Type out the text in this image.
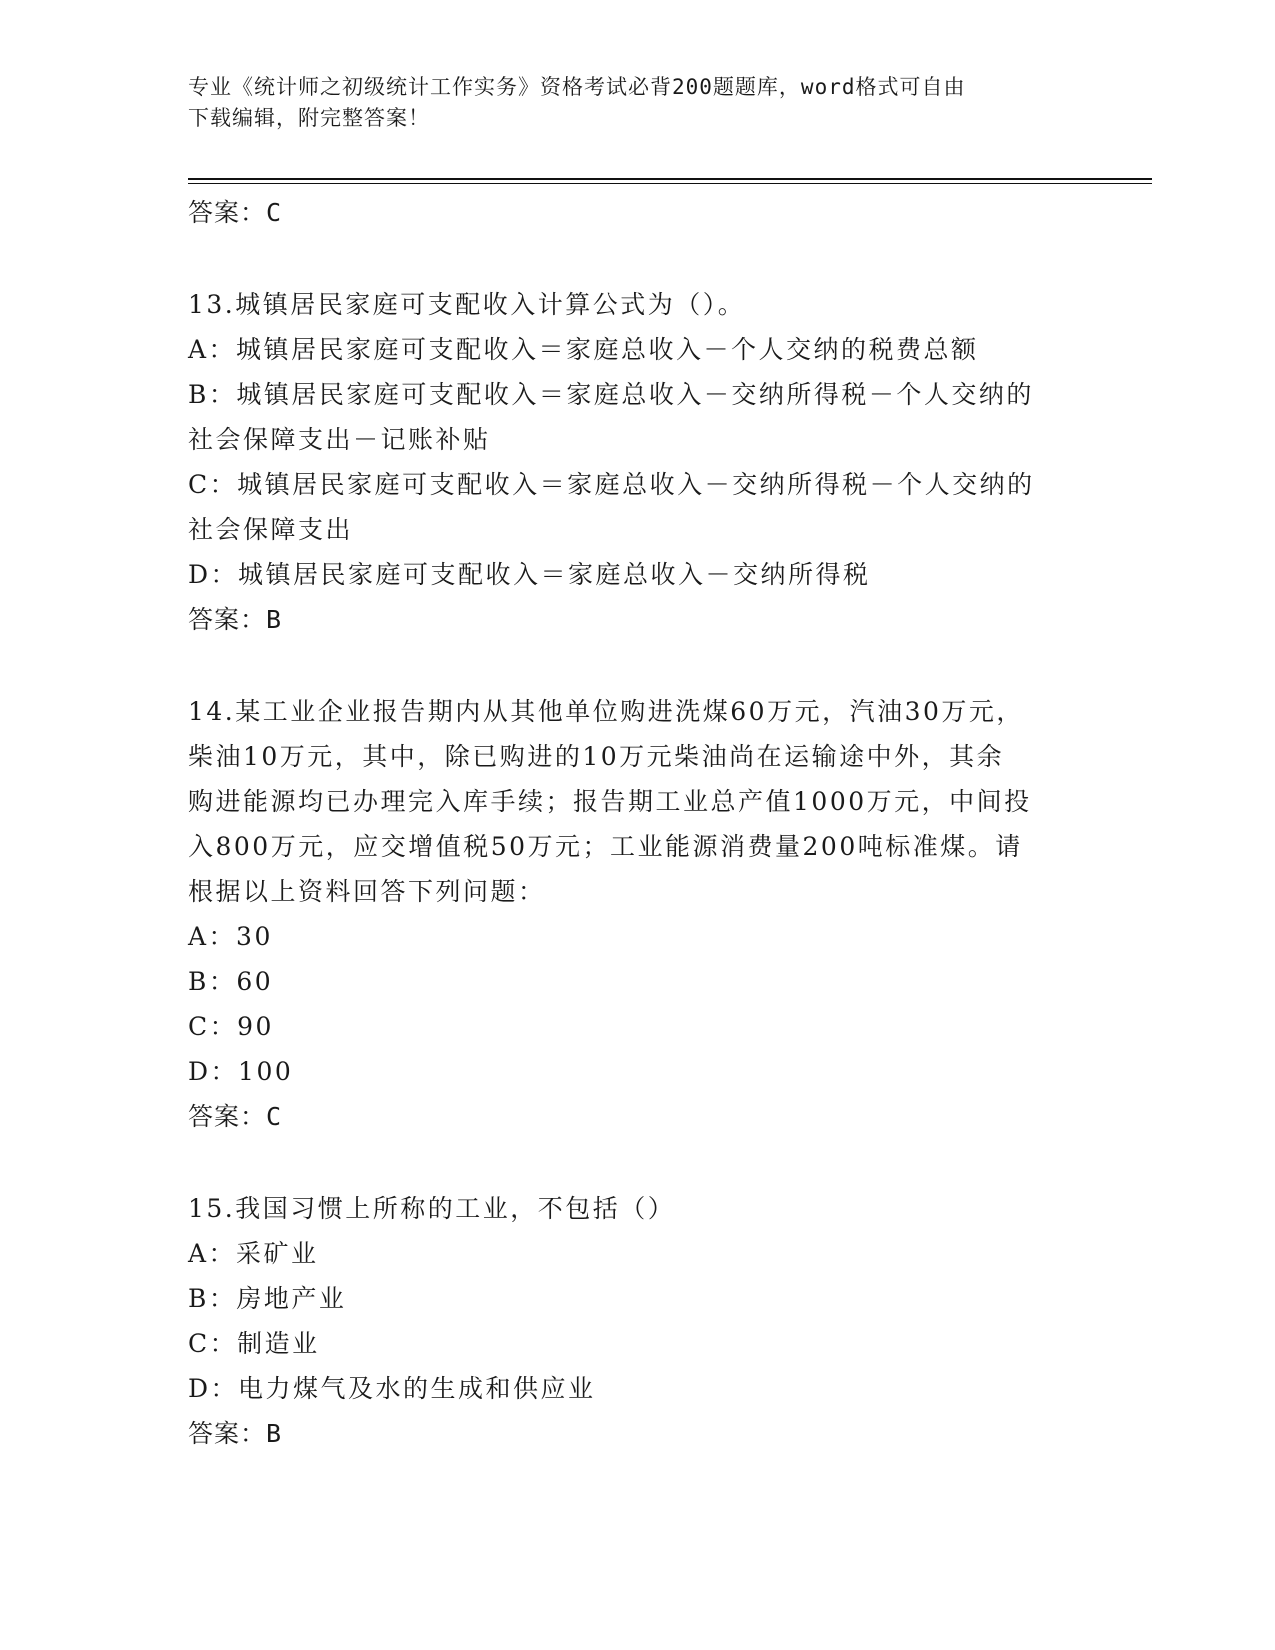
专业《统计师之初级统计工作实务》资格考试必背200题题库，word格式可自由
下载编辑，附完整答案！
答案：C
13.城镇居民家庭可支配收入计算公式为（）。
A：城镇居民家庭可支配收入＝家庭总收入－个人交纳的税费总额
B：城镇居民家庭可支配收入＝家庭总收入－交纳所得税－个人交纳的
社会保障支出－记账补贴
C：城镇居民家庭可支配收入＝家庭总收入－交纳所得税－个人交纳的
社会保障支出
D：城镇居民家庭可支配收入＝家庭总收入－交纳所得税
答案：B
14.某工业企业报告期内从其他单位购进洗煤60万元，汽油30万元，
柴油10万元，其中，除已购进的10万元柴油尚在运输途中外，其余
购进能源均已办理完入库手续；报告期工业总产值1000万元，中间投
入800万元，应交增值税50万元；工业能源消费量200吨标准煤。请
根据以上资料回答下列问题：
A：30
B：60
C：90
D：100
答案：C
15.我国习惯上所称的工业，不包括（）
A：采矿业
B：房地产业
C：制造业
D：电力煤气及水的生成和供应业
答案：B
